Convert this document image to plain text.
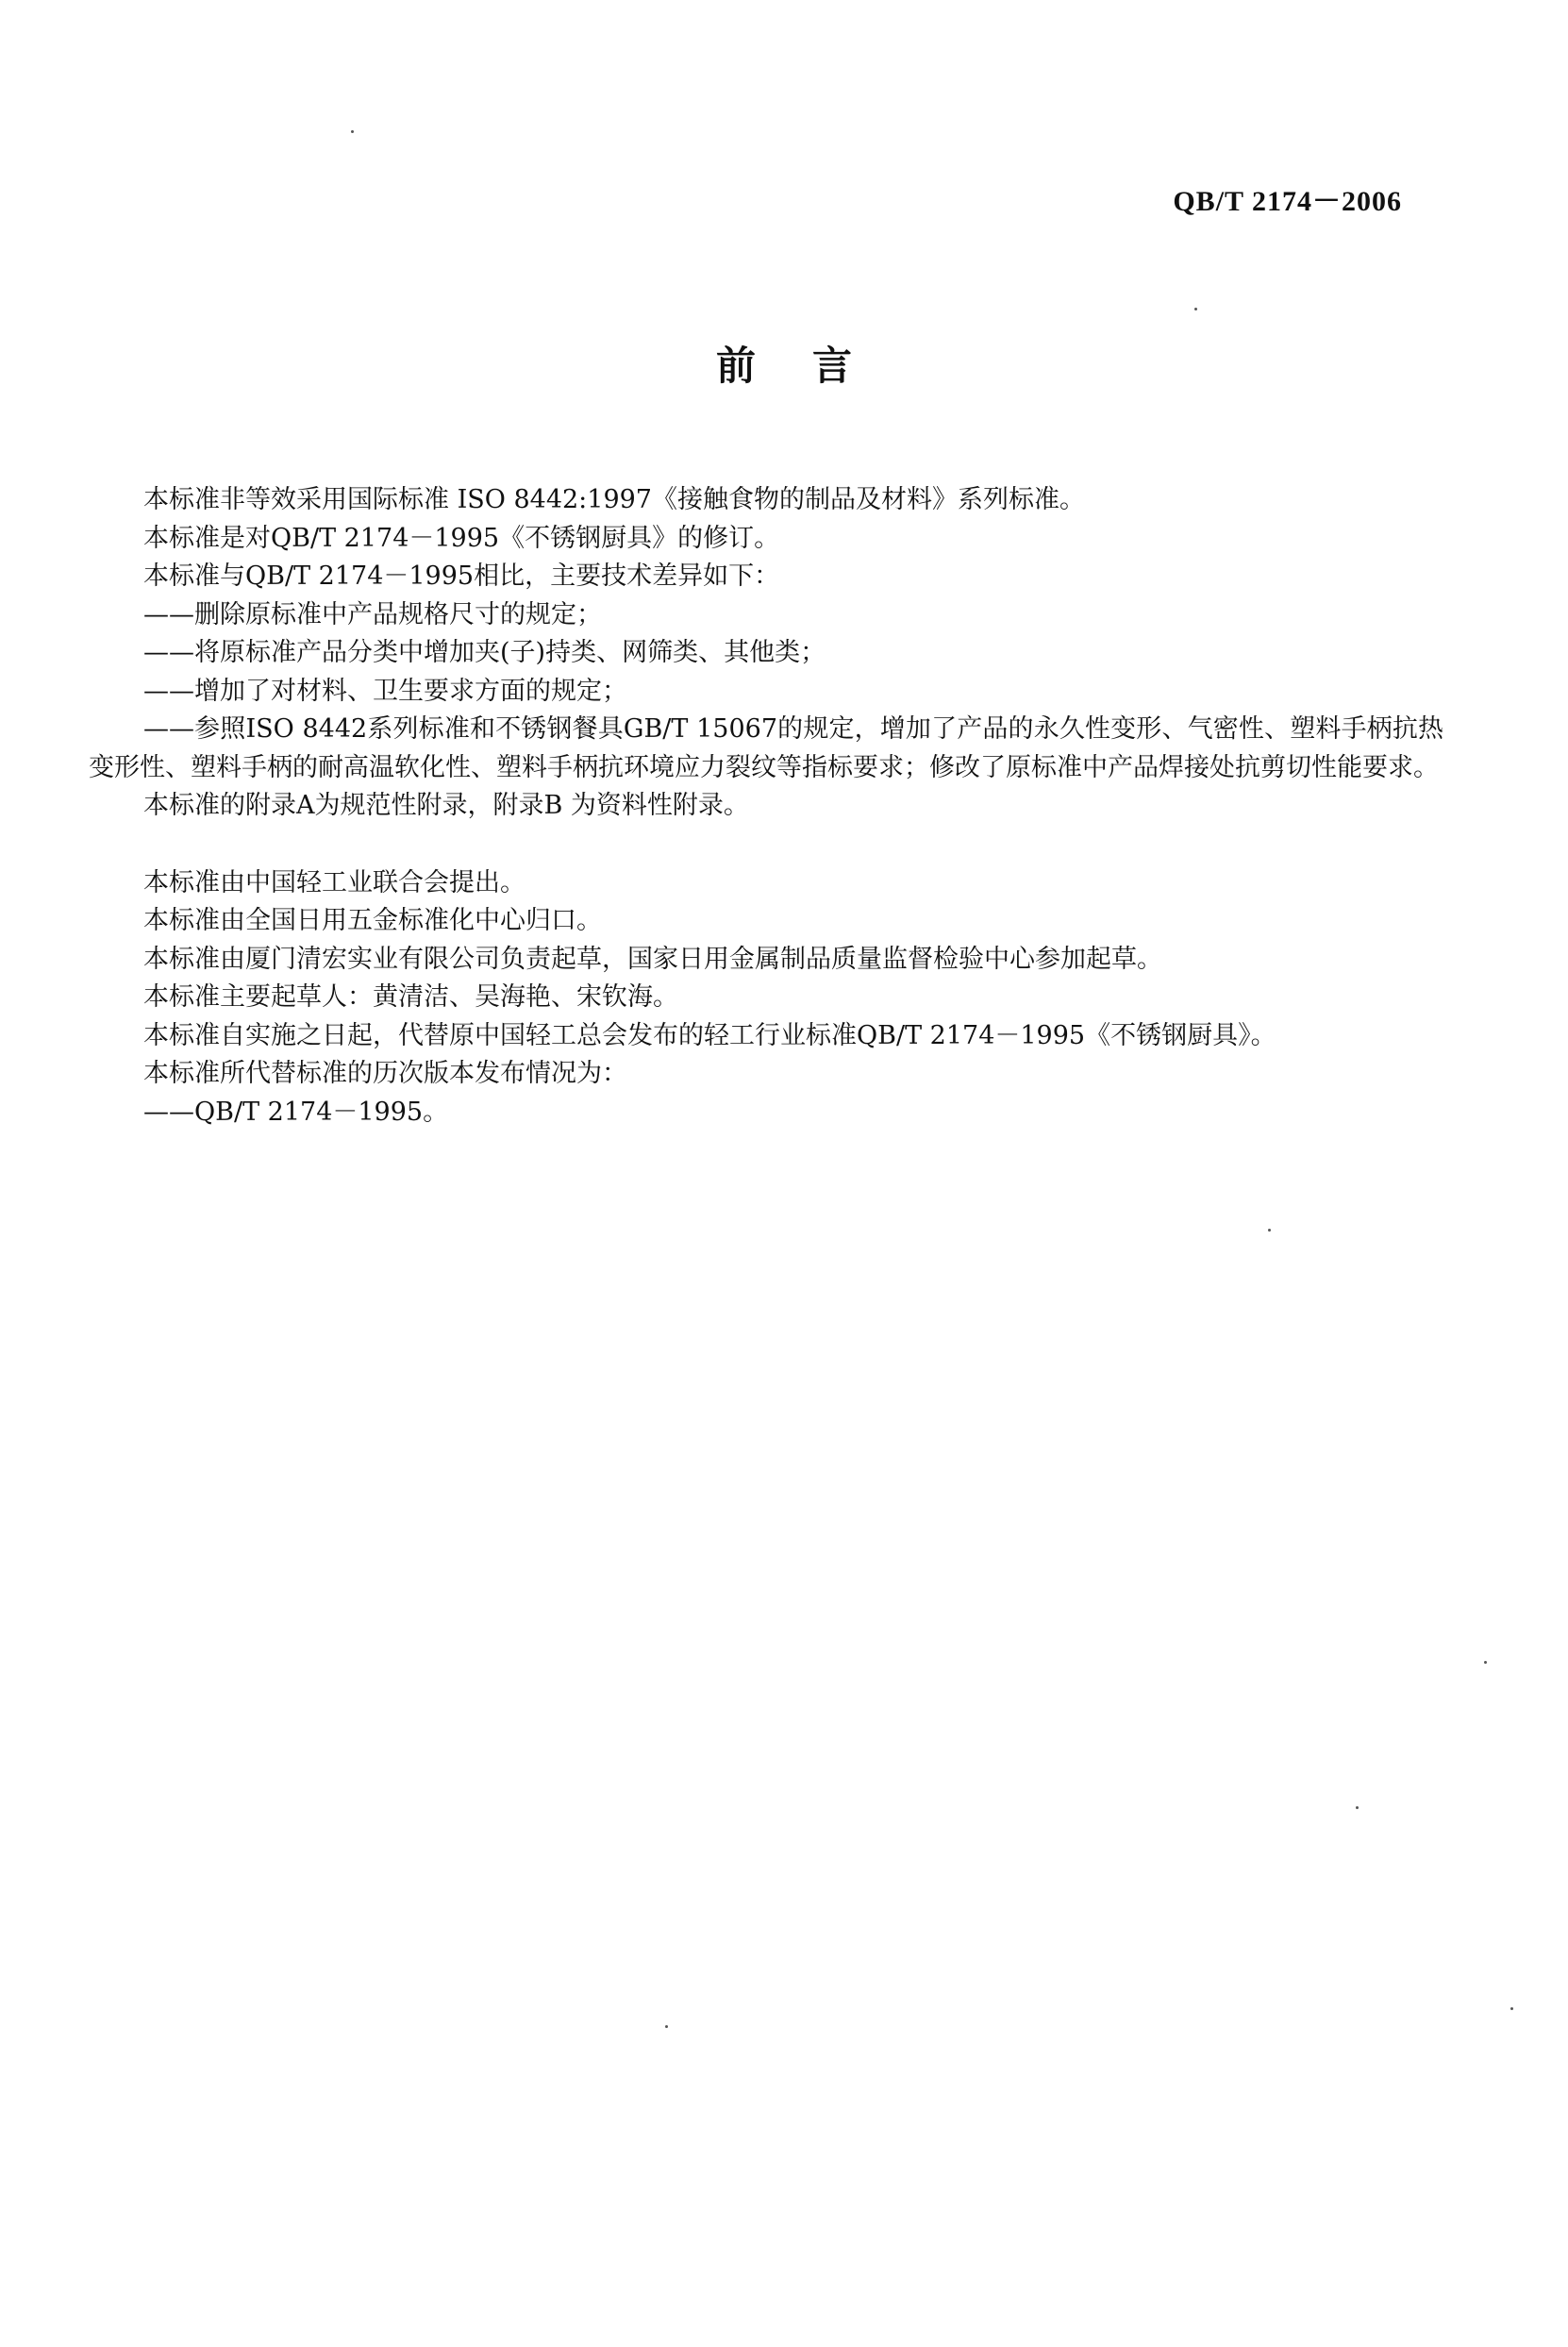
QB/T 2174－2006
前言

本标准非等效采用国际标准 ISO 8442:1997《接触食物的制品及材料》系列标准。

本标准是对QB/T 2174－1995《不锈钢厨具》的修订。

本标准与QB/T 2174－1995相比，主要技术差异如下：

——删除原标准中产品规格尺寸的规定；

——将原标准产品分类中增加夹(子)持类、网筛类、其他类；

——增加了对材料、卫生要求方面的规定；

——参照ISO 8442系列标准和不锈钢餐具GB/T 15067的规定，增加了产品的永久性变形、气密性、塑料手柄抗热变形性、塑料手柄的耐高温软化性、塑料手柄抗环境应力裂纹等指标要求；修改了原标准中产品焊接处抗剪切性能要求。

本标准的附录A为规范性附录，附录B 为资料性附录。

本标准由中国轻工业联合会提出。

本标准由全国日用五金标准化中心归口。

本标准由厦门清宏实业有限公司负责起草，国家日用金属制品质量监督检验中心参加起草。

本标准主要起草人：黄清洁、吴海艳、宋钦海。

本标准自实施之日起，代替原中国轻工总会发布的轻工行业标准QB/T 2174－1995《不锈钢厨具》。

本标准所代替标准的历次版本发布情况为：

——QB/T 2174－1995。
